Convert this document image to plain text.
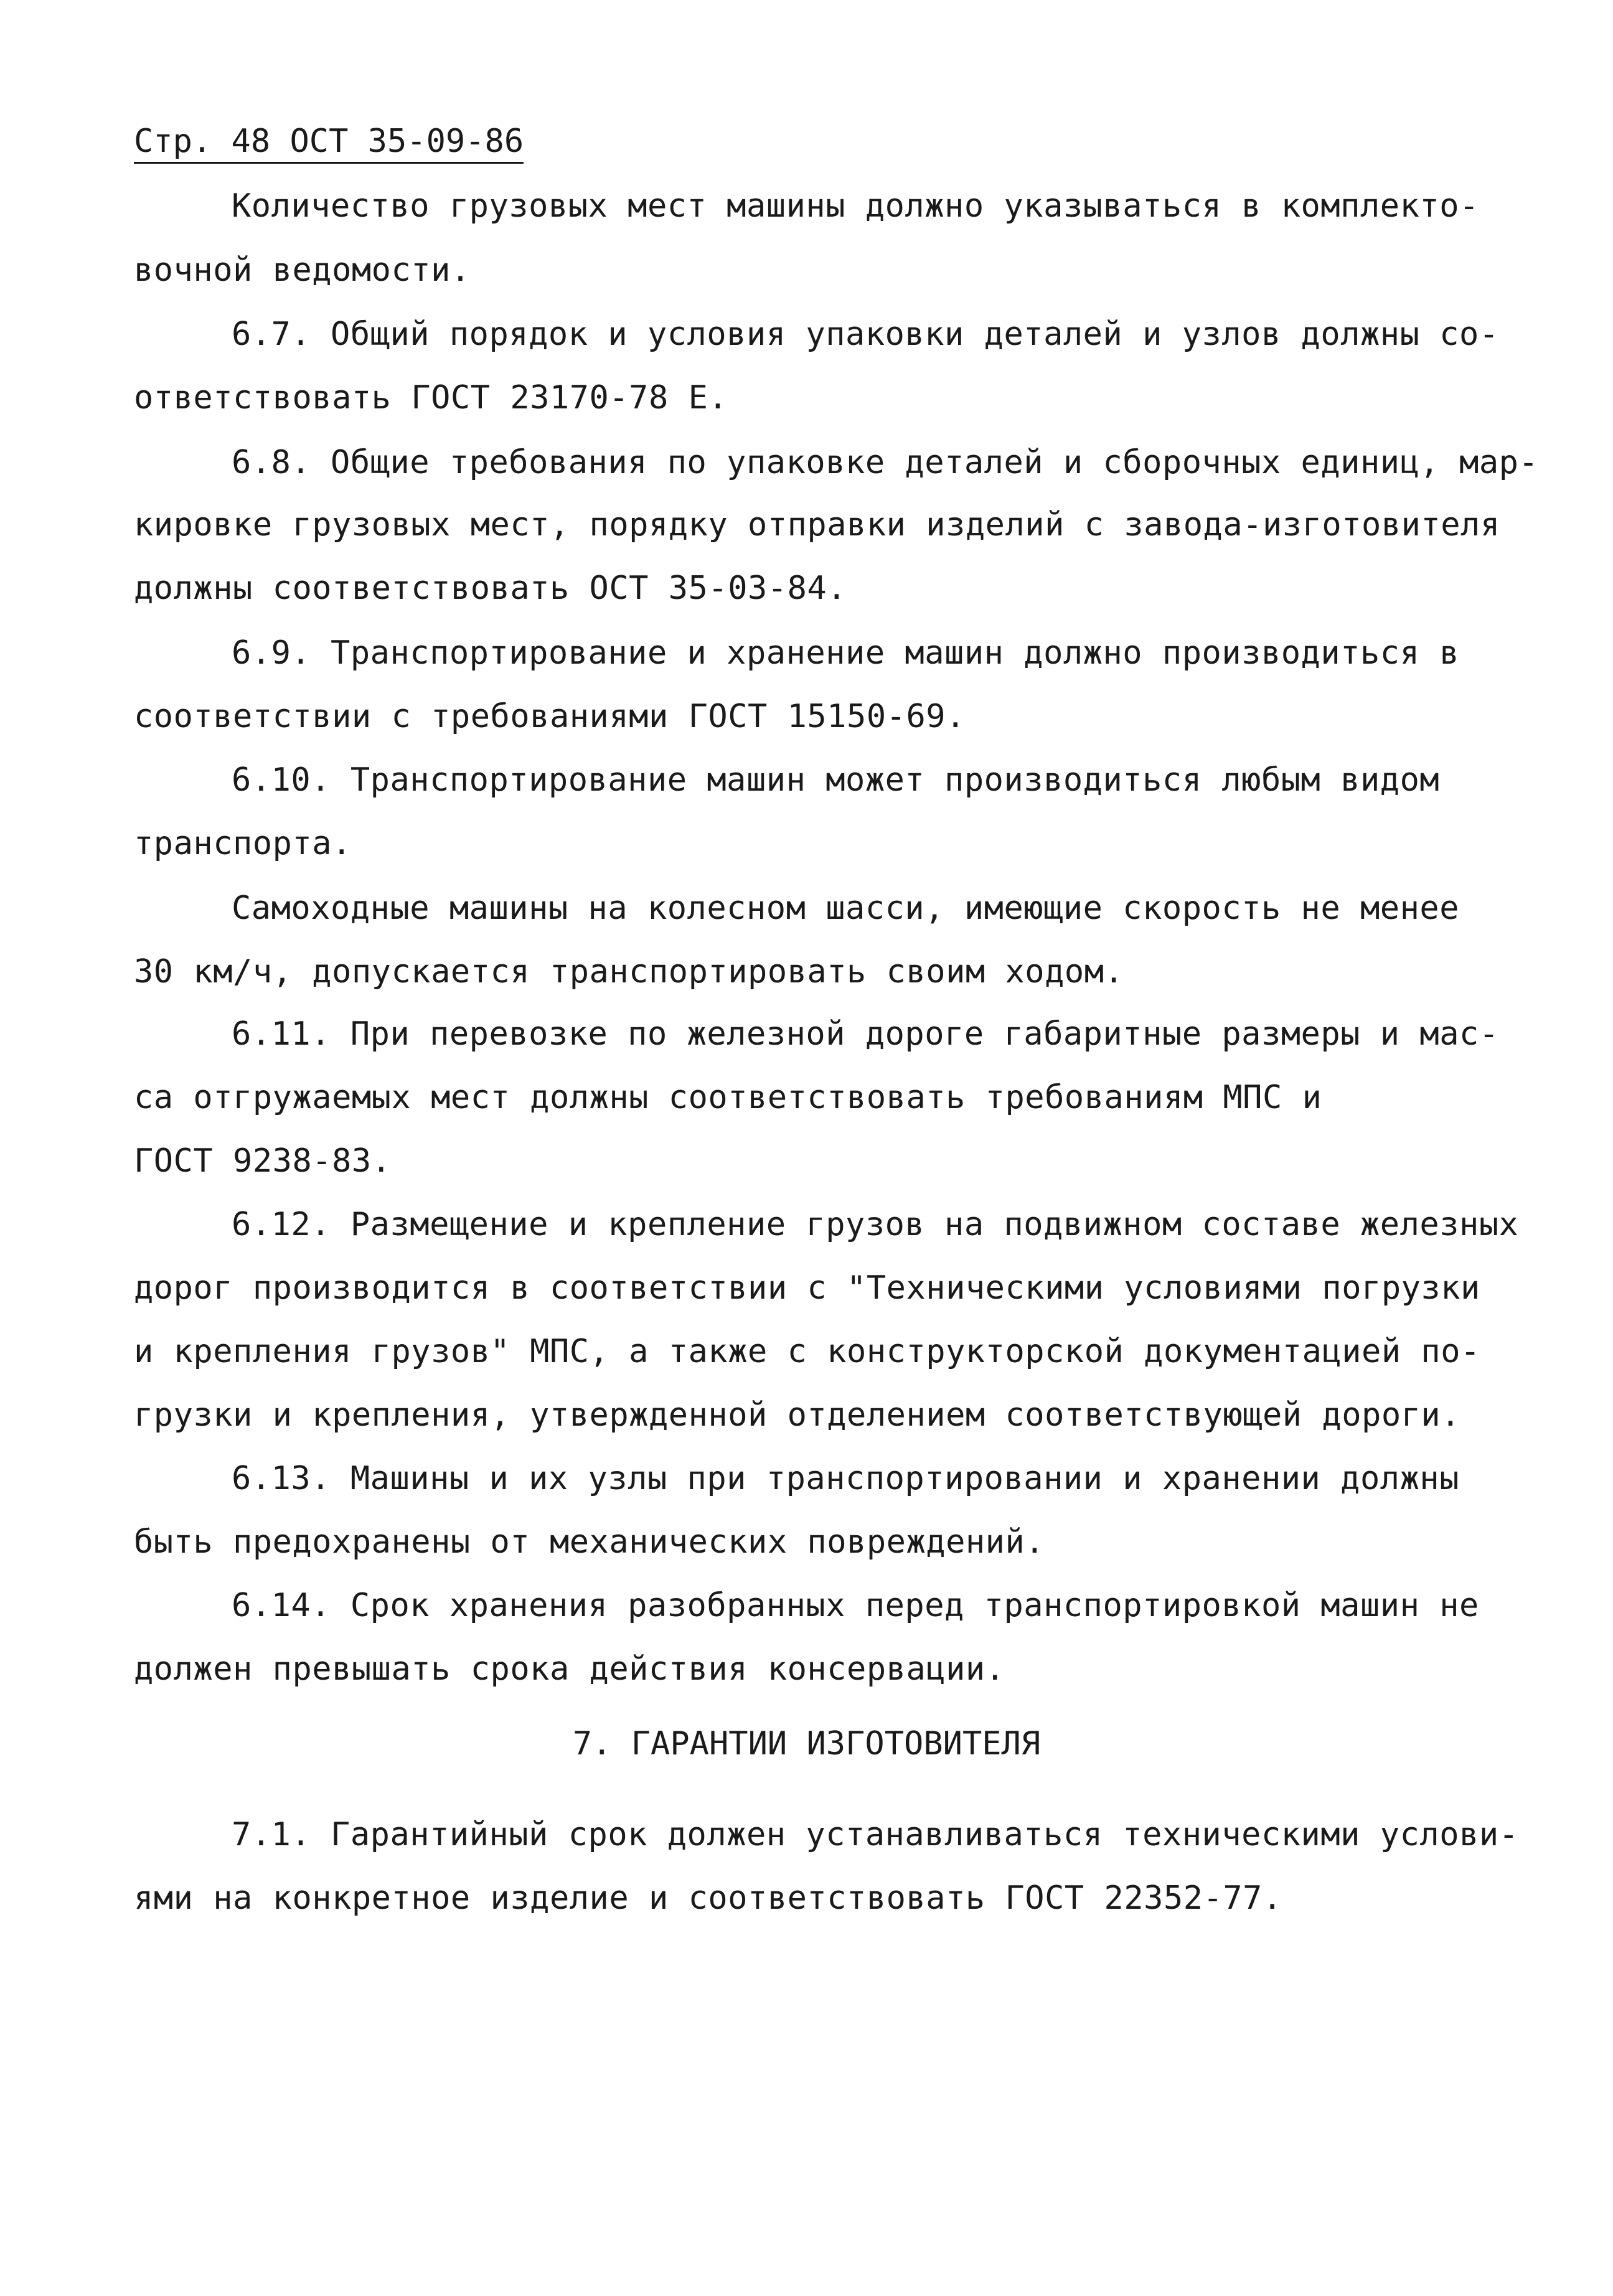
Стр. 48 ОСТ 35-09-86
Количество грузовых мест машины должно указываться в комплекто-
вочной ведомости.
6.7. Общий порядок и условия упаковки деталей и узлов должны со-
ответствовать ГОСТ 23170-78 Е.
6.8. Общие требования по упаковке деталей и сборочных единиц, мар-
кировке грузовых мест, порядку отправки изделий с завода-изготовителя
должны соответствовать ОСТ 35-03-84.
6.9. Транспортирование и хранение машин должно производиться в
соответствии с требованиями ГОСТ 15150-69.
6.10. Транспортирование машин может производиться любым видом
транспорта.
Самоходные машины на колесном шасси, имеющие скорость не менее
30 км/ч, допускается транспортировать своим ходом.
6.11. При перевозке по железной дороге габаритные размеры и мас-
са отгружаемых мест должны соответствовать требованиям МПС и
ГОСТ 9238-83.
6.12. Размещение и крепление грузов на подвижном составе железных
дорог производится в соответствии с "Техническими условиями погрузки
и крепления грузов" МПС, а также с конструкторской документацией по-
грузки и крепления, утвержденной отделением соответствующей дороги.
6.13. Машины и их узлы при транспортировании и хранении должны
быть предохранены от механических повреждений.
6.14. Срок хранения разобранных перед транспортировкой машин не
должен превышать срока действия консервации.
7. ГАРАНТИИ ИЗГОТОВИТЕЛЯ
7.1. Гарантийный срок должен устанавливаться техническими услови-
ями на конкретное изделие и соответствовать ГОСТ 22352-77.
